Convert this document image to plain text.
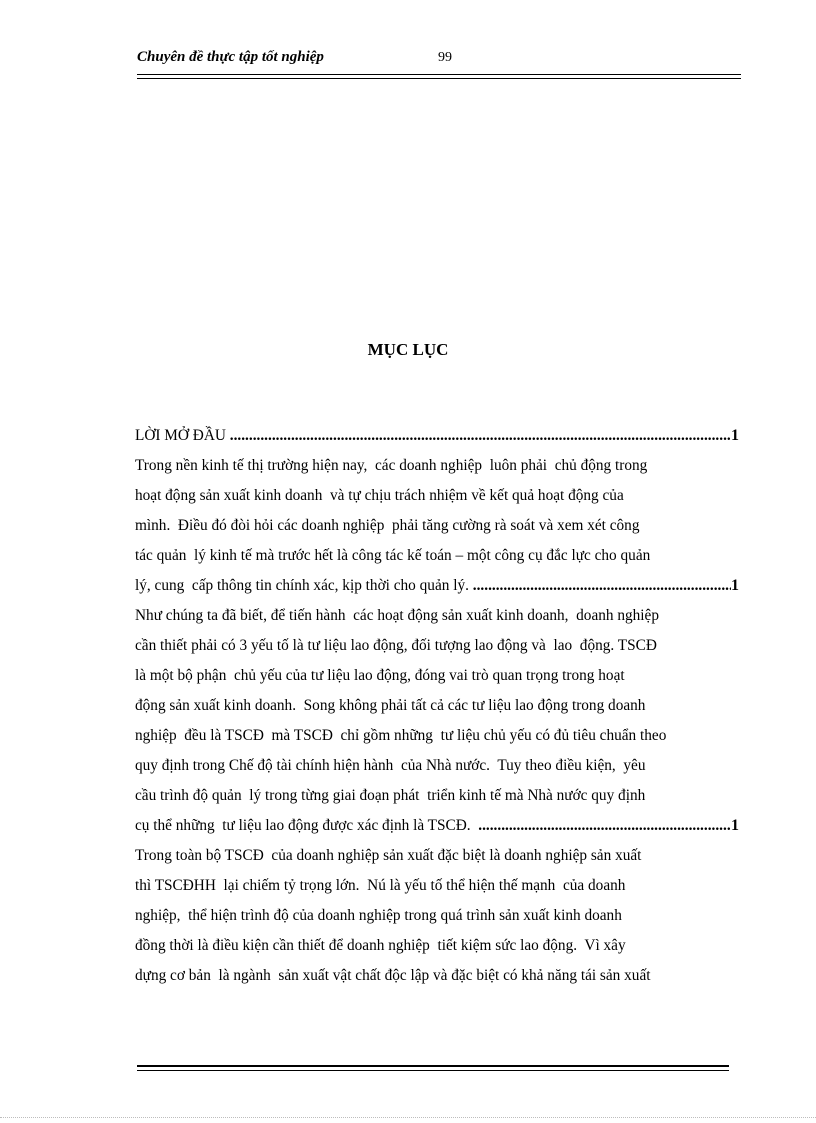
Chuyên đề thực tập tốt nghiệp	99
MỤC LỤC
LỜI MỞ ĐẦU .....	1
Trong nền kinh tế thị trường hiện nay,  các doanh nghiệp  luôn phải  chủ động trong
hoạt động sản xuất kinh doanh  và tự chịu trách nhiệm về kết quả hoạt động của
mình.  Điều đó đòi hỏi các doanh nghiệp  phải tăng cường rà soát và xem xét công
tác quản  lý kinh tế mà trước hết là công tác kế toán – một công cụ đắc lực cho quản
lý, cung  cấp thông tin chính xác, kịp thời cho quản lý. .....	1
Như chúng ta đã biết, để tiến hành  các hoạt động sản xuất kinh doanh,  doanh nghiệp
cần thiết phải có 3 yếu tố là tư liệu lao động, đối tượng lao động và  lao  động. TSCĐ
là một bộ phận  chủ yếu của tư liệu lao động, đóng vai trò quan trọng trong hoạt
động sản xuất kinh doanh.  Song không phải tất cả các tư liệu lao động trong doanh
nghiệp  đều là TSCĐ  mà TSCĐ  chỉ gồm những  tư liệu chủ yếu có đủ tiêu chuẩn theo
quy định trong Chế độ tài chính hiện hành  của Nhà nước.  Tuy theo điều kiện,  yêu
cầu trình độ quản  lý trong từng giai đoạn phát  triển kinh tế mà Nhà nước quy định
cụ thể những  tư liệu lao động được xác định là TSCĐ. .....	1
Trong toàn bộ TSCĐ  của doanh nghiệp sản xuất đặc biệt là doanh nghiệp sản xuất
thì TSCĐHH  lại chiếm tỷ trọng lớn.  Nú là yếu tố thể hiện thế mạnh  của doanh
nghiệp,  thể hiện trình độ của doanh nghiệp trong quá trình sản xuất kinh doanh
đồng thời là điều kiện cần thiết để doanh nghiệp  tiết kiệm sức lao động.  Vì xây
dựng cơ bản  là ngành  sản xuất vật chất độc lập và đặc biệt có khả năng tái sản xuất
